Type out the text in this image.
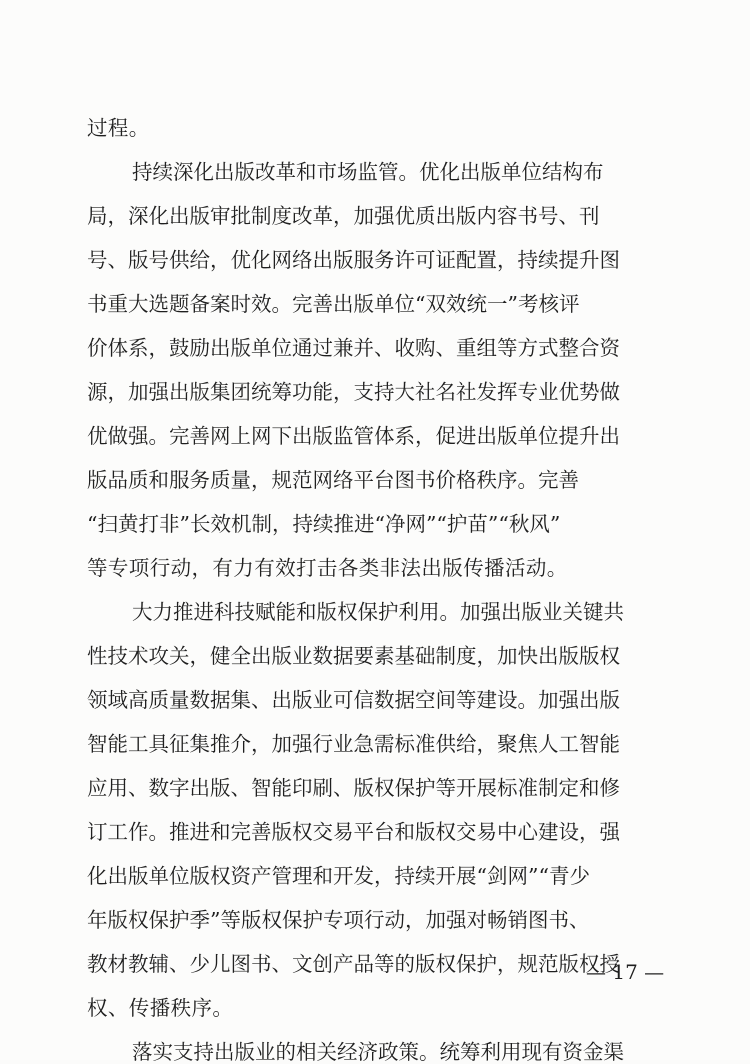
过程。
持续深化出版改革和市场监管。优化出版单位结构布
局，深化出版审批制度改革，加强优质出版内容书号、刊
号、版号供给，优化网络出版服务许可证配置，持续提升图
书重大选题备案时效。完善出版单位“双效统一”考核评
价体系，鼓励出版单位通过兼并、收购、重组等方式整合资
源，加强出版集团统筹功能，支持大社名社发挥专业优势做
优做强。完善网上网下出版监管体系，促进出版单位提升出
版品质和服务质量，规范网络平台图书价格秩序。完善
“扫黄打非”长效机制，持续推进“净网”“护苗”“秋风”
等专项行动，有力有效打击各类非法出版传播活动。
大力推进科技赋能和版权保护利用。加强出版业关键共
性技术攻关，健全出版业数据要素基础制度，加快出版版权
领域高质量数据集、出版业可信数据空间等建设。加强出版
智能工具征集推介，加强行业急需标准供给，聚焦人工智能
应用、数字出版、智能印刷、版权保护等开展标准制定和修
订工作。推进和完善版权交易平台和版权交易中心建设，强
化出版单位版权资产管理和开发，持续开展“剑网”“青少
年版权保护季”等版权保护专项行动，加强对畅销图书、
教材教辅、少儿图书、文创产品等的版权保护，规范版权授
权、传播秩序。
落实支持出版业的相关经济政策。统筹利用现有资金渠
— 17 —
